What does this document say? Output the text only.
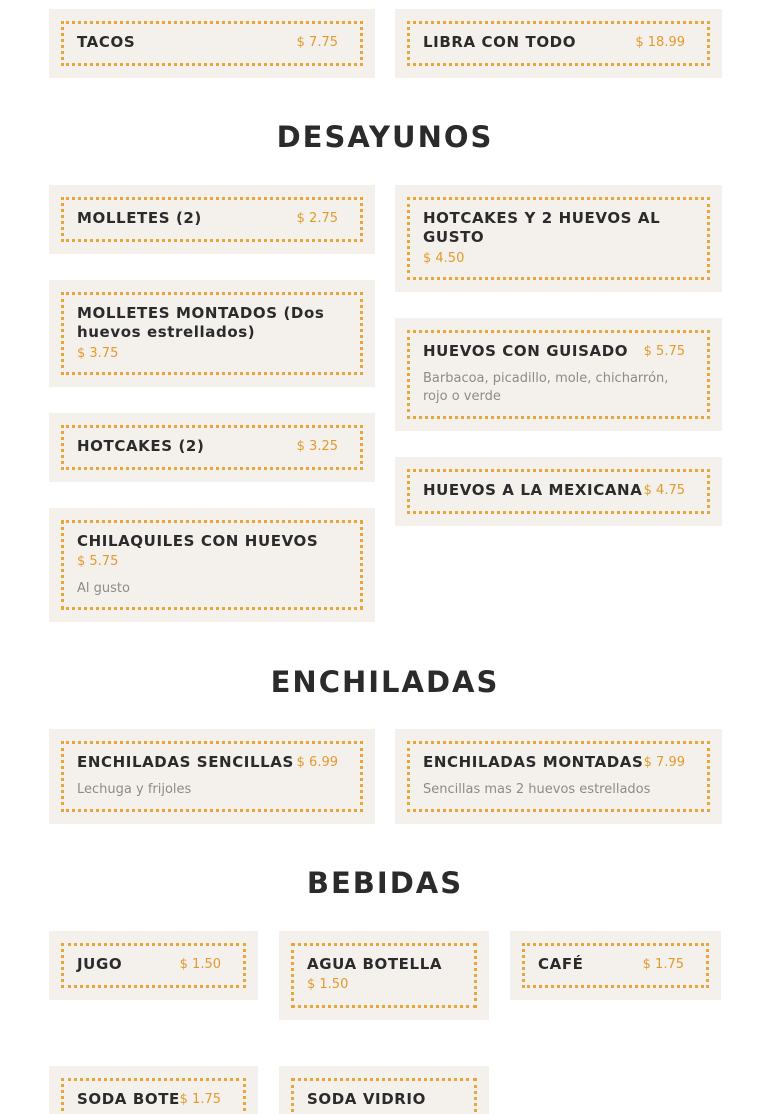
TACOS	$ 7.75	LIBRA CON TODO	$ 18.99
DESAYUNOS
MOLLETES (2)	$ 2.75	HOTCAKES Y 2 HUEVOS AL GUSTO
$ 4.50
MOLLETES MONTADOS (Dos huevos estrellados)
$ 3.75	HUEVOS CON GUISADO $ 5.75
Barbacoa, picadillo, mole, chicharrón, rojo o verde
HOTCAKES (2)	$ 3.25
HUEVOS A LA MEXICANA $ 4.75
CHILAQUILES CON HUEVOS
$ 5.75
Al gusto
ENCHILADAS
ENCHILADAS SENCILLAS $ 6.99
Lechuga y frijoles
ENCHILADAS MONTADAS $ 7.99
Sencillas mas 2 huevos estrellados
BEBIDAS
JUGO	$ 1.50	AGUA BOTELLA
$ 1.50
CAFÉ	$ 1.75
SODA BOTE $ 1.75	SODA VIDRIO
